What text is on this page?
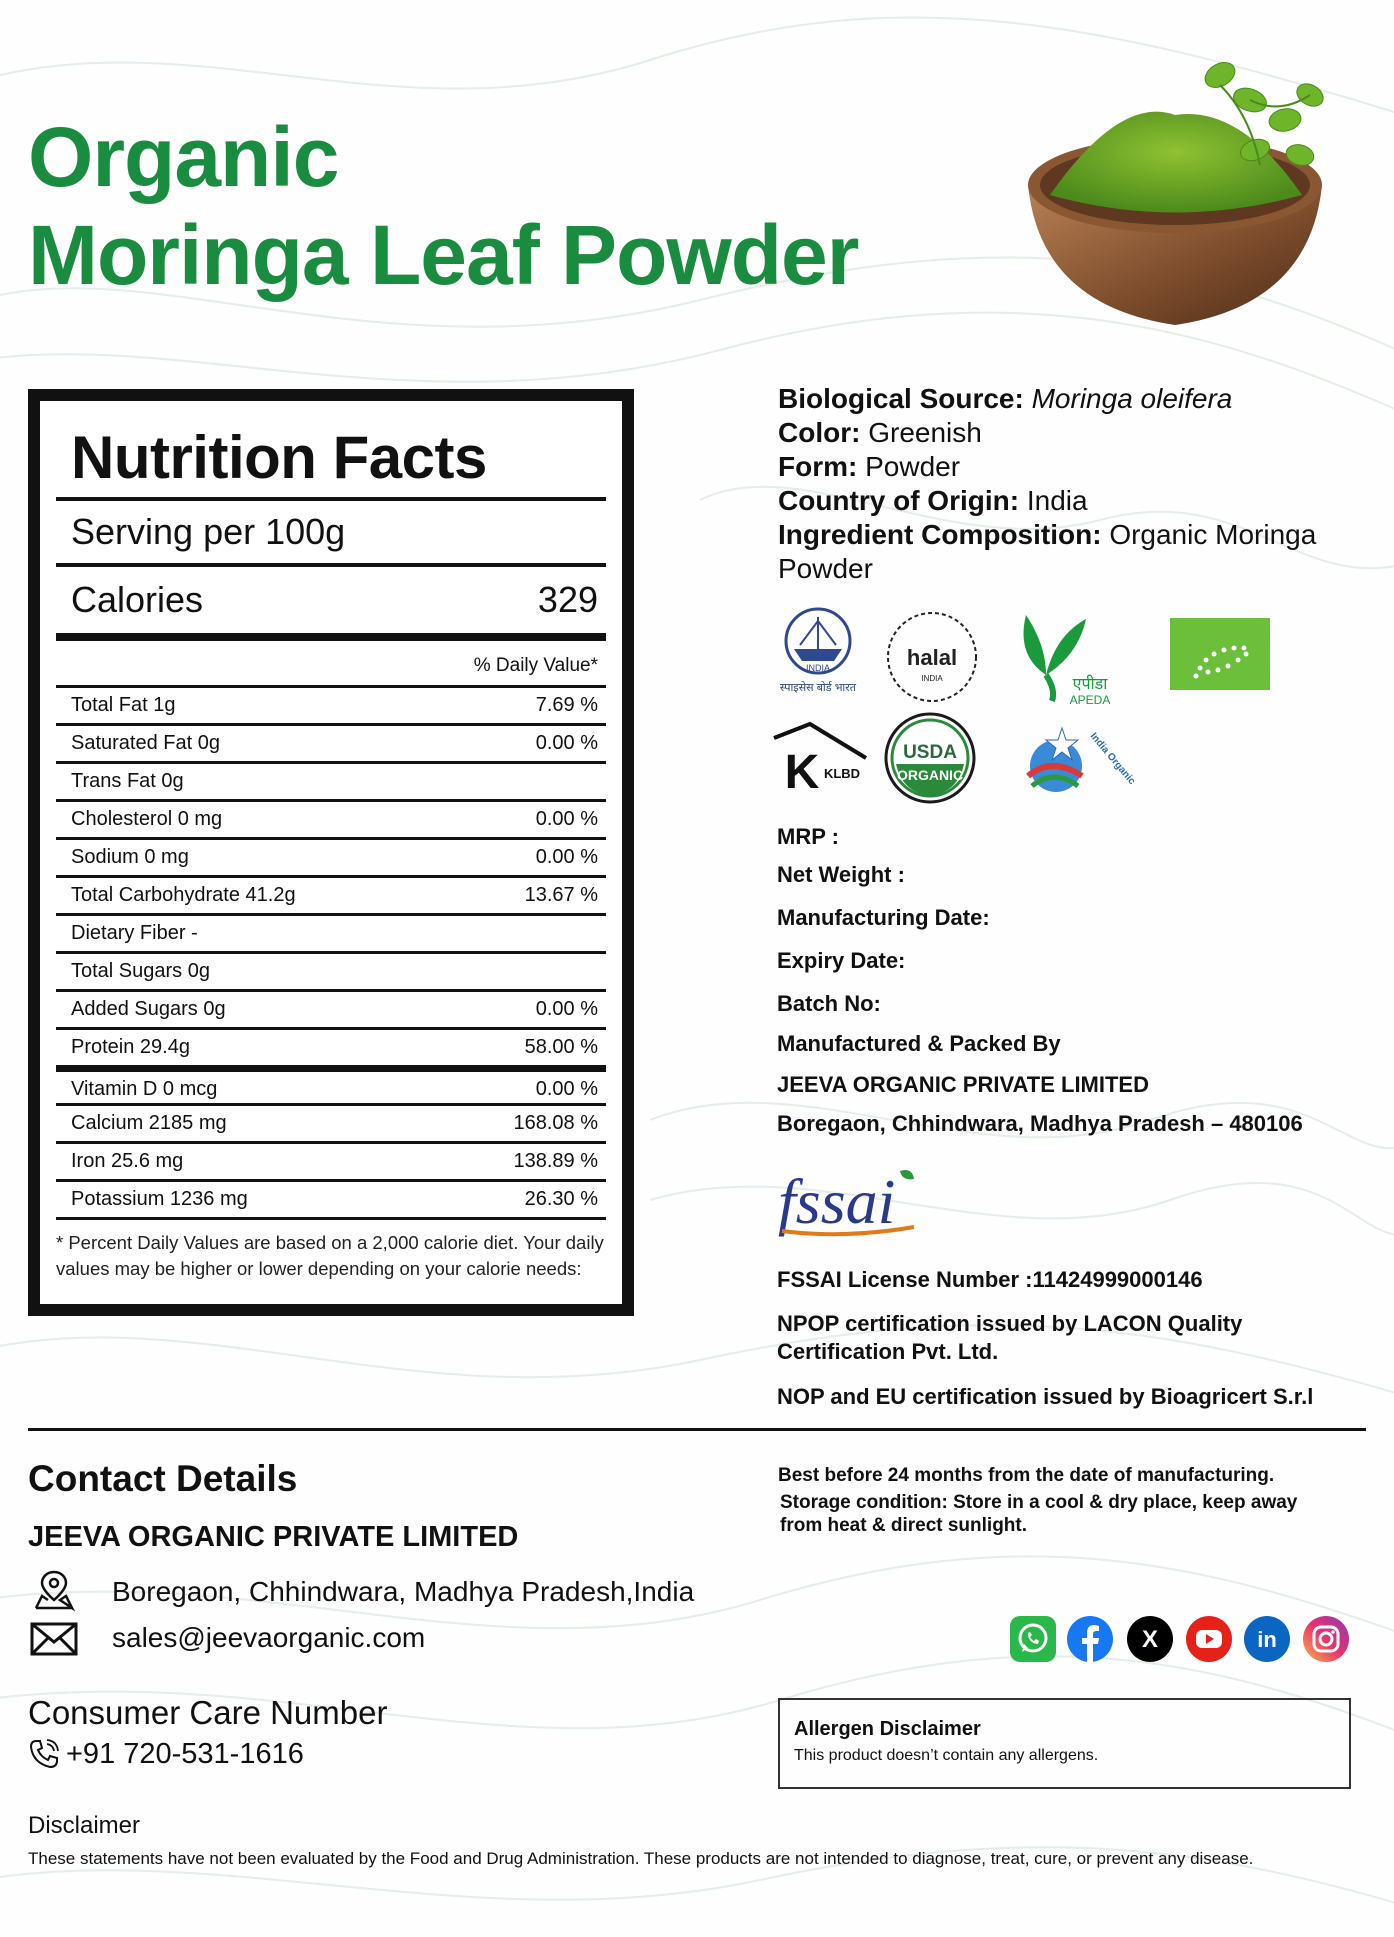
Organic
Moringa Leaf Powder
Nutrition Facts
Serving per 100g
Calories	329
% Daily Value*
Total Fat 1g	7.69 %
Saturated Fat 0g	0.00 %
Trans Fat 0g
Cholesterol 0 mg	0.00 %
Sodium 0 mg	0.00 %
Total Carbohydrate 41.2g	13.67 %
Dietary Fiber -
Total Sugars 0g
Added Sugars 0g	0.00 %
Protein 29.4g	58.00 %
Vitamin D 0 mcg	0.00 %
Calcium 2185 mg	168.08 %
Iron 25.6 mg	138.89 %
Potassium 1236 mg	26.30 %
* Percent Daily Values are based on a 2,000 calorie diet. Your daily values may be higher or lower depending on your calorie needs:
Biological Source: Moringa oleifera
Color: Greenish
Form: Powder
Country of Origin: India
Ingredient Composition: Organic Moringa Powder
INDIA
स्पाइसेस बोर्ड भारत
halal
INDIA	एपीडा
APEDA
K KLBD
USDA
ORGANIC	India Organic
MRP :
Net Weight :
Manufacturing Date:
Expiry Date:
Batch No:
Manufactured & Packed By
JEEVA ORGANIC PRIVATE LIMITED
Boregaon, Chhindwara, Madhya Pradesh – 480106
fssai
FSSAI License Number :11424999000146
NPOP certification issued by LACON Quality Certification Pvt. Ltd.
NOP and EU certification issued by Bioagricert S.r.l
Contact Details
JEEVA ORGANIC PRIVATE LIMITED
Boregaon, Chhindwara, Madhya Pradesh,India
sales@jeevaorganic.com
Consumer Care Number
+91 720-531-1616
Best before 24 months from the date of manufacturing.
Storage condition: Store in a cool & dry place, keep away from heat & direct sunlight.
X	in
Allergen Disclaimer
This product doesn’t contain any allergens.
Disclaimer
These statements have not been evaluated by the Food and Drug Administration. These products are not intended to diagnose, treat, cure, or prevent any disease.
